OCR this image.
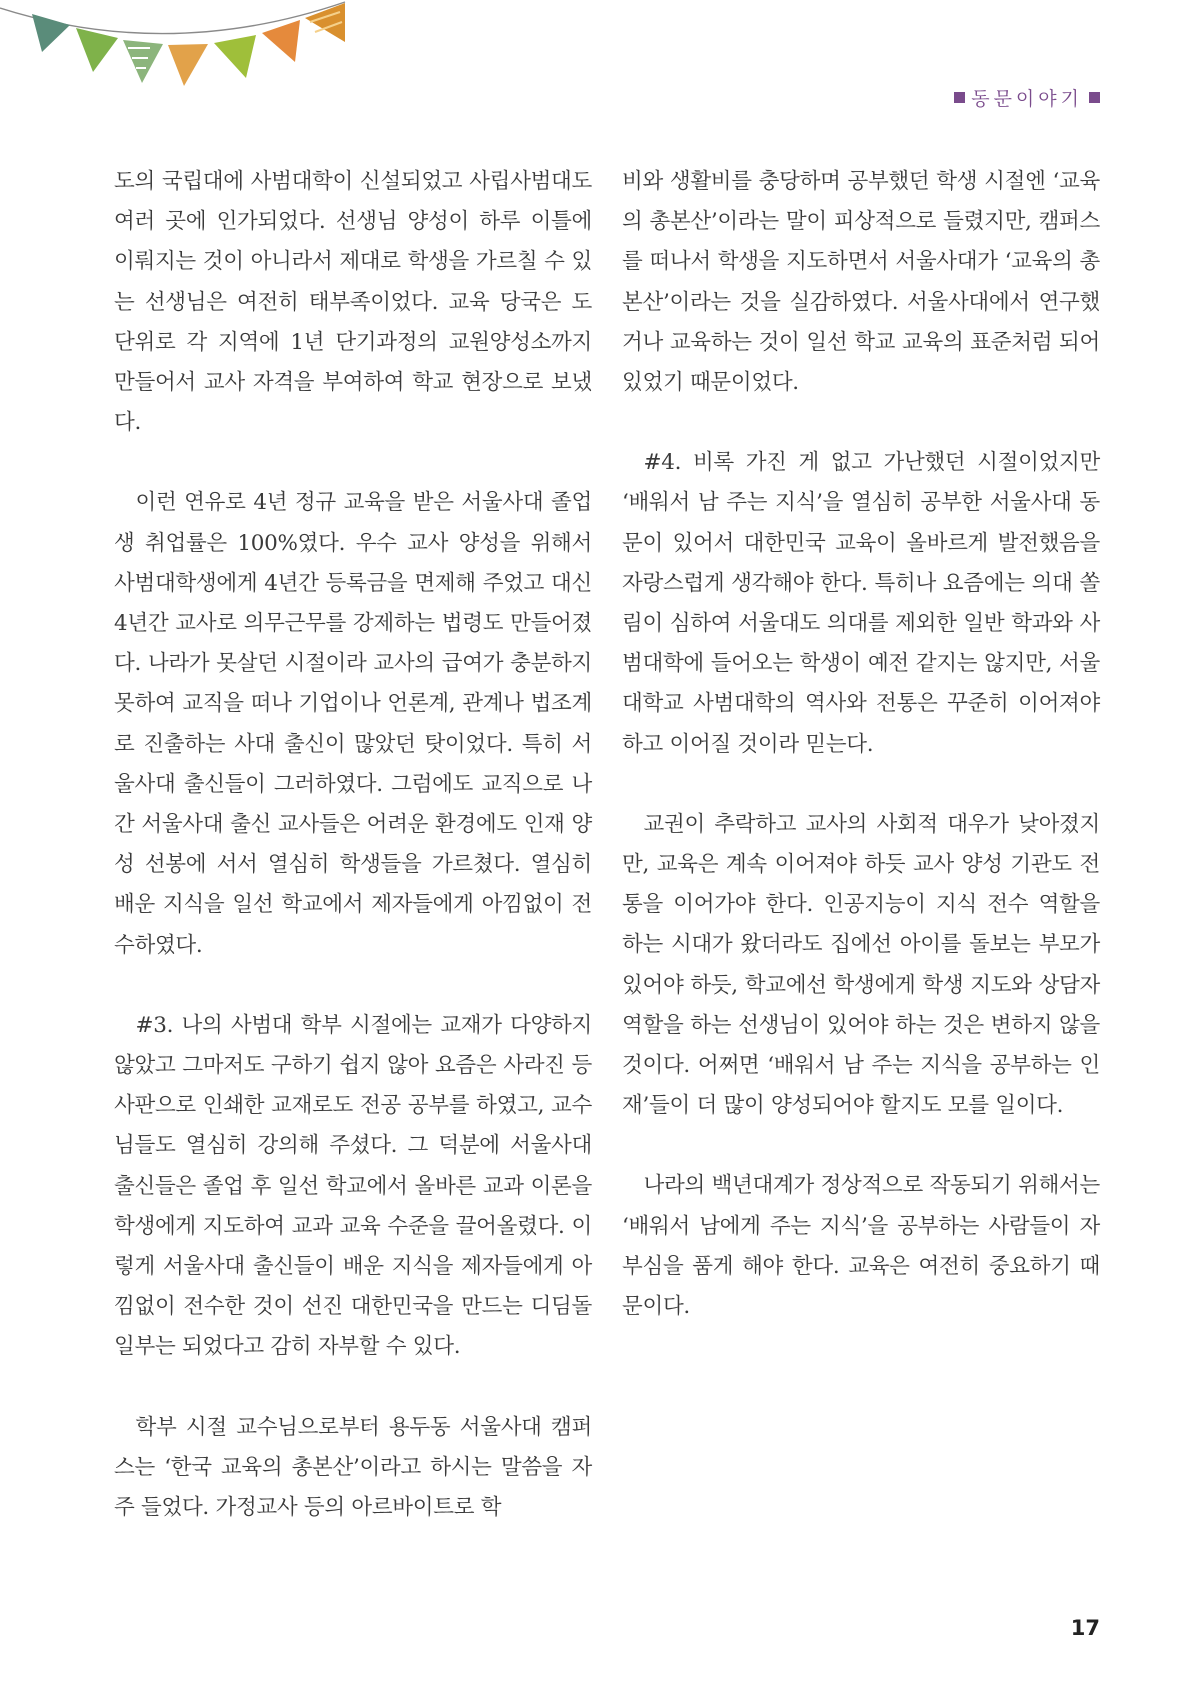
동문이야기

도의 국립대에 사범대학이 신설되었고 사립사범대도 여러 곳에 인가되었다. 선생님 양성이 하루 이틀에 이뤄지는 것이 아니라서 제대로 학생을 가르칠 수 있는 선생님은 여전히 태부족이었다. 교육 당국은 도 단위로 각 지역에 1년 단기과정의 교원양성소까지 만들어서 교사 자격을 부여하여 학교 현장으로 보냈다.

이런 연유로 4년 정규 교육을 받은 서울사대 졸업생 취업률은 100%였다. 우수 교사 양성을 위해서 사범대학생에게 4년간 등록금을 면제해 주었고 대신 4년간 교사로 의무근무를 강제하는 법령도 만들어졌다. 나라가 못살던 시절이라 교사의 급여가 충분하지 못하여 교직을 떠나 기업이나 언론계, 관계나 법조계로 진출하는 사대 출신이 많았던 탓이었다. 특히 서울사대 출신들이 그러하였다. 그럼에도 교직으로 나간 서울사대 출신 교사들은 어려운 환경에도 인재 양성 선봉에 서서 열심히 학생들을 가르쳤다. 열심히 배운 지식을 일선 학교에서 제자들에게 아낌없이 전수하였다.

#3. 나의 사범대 학부 시절에는 교재가 다양하지 않았고 그마저도 구하기 쉽지 않아 요즘은 사라진 등사판으로 인쇄한 교재로도 전공 공부를 하였고, 교수님들도 열심히 강의해 주셨다. 그 덕분에 서울사대 출신들은 졸업 후 일선 학교에서 올바른 교과 이론을 학생에게 지도하여 교과 교육 수준을 끌어올렸다. 이렇게 서울사대 출신들이 배운 지식을 제자들에게 아낌없이 전수한 것이 선진 대한민국을 만드는 디딤돌 일부는 되었다고 감히 자부할 수 있다.

학부 시절 교수님으로부터 용두동 서울사대 캠퍼스는 ‘한국 교육의 총본산’이라고 하시는 말씀을 자주 들었다. 가정교사 등의 아르바이트로 학

비와 생활비를 충당하며 공부했던 학생 시절엔 ‘교육의 총본산’이라는 말이 피상적으로 들렸지만, 캠퍼스를 떠나서 학생을 지도하면서 서울사대가 ‘교육의 총본산’이라는 것을 실감하였다. 서울사대에서 연구했거나 교육하는 것이 일선 학교 교육의 표준처럼 되어 있었기 때문이었다.

#4. 비록 가진 게 없고 가난했던 시절이었지만 ‘배워서 남 주는 지식’을 열심히 공부한 서울사대 동문이 있어서 대한민국 교육이 올바르게 발전했음을 자랑스럽게 생각해야 한다. 특히나 요즘에는 의대 쏠림이 심하여 서울대도 의대를 제외한 일반 학과와 사범대학에 들어오는 학생이 예전 같지는 않지만, 서울대학교 사범대학의 역사와 전통은 꾸준히 이어져야 하고 이어질 것이라 믿는다.

교권이 추락하고 교사의 사회적 대우가 낮아졌지만, 교육은 계속 이어져야 하듯 교사 양성 기관도 전통을 이어가야 한다. 인공지능이 지식 전수 역할을 하는 시대가 왔더라도 집에선 아이를 돌보는 부모가 있어야 하듯, 학교에선 학생에게 학생 지도와 상담자 역할을 하는 선생님이 있어야 하는 것은 변하지 않을 것이다. 어쩌면 ‘배워서 남 주는 지식을 공부하는 인재’들이 더 많이 양성되어야 할지도 모를 일이다.

나라의 백년대계가 정상적으로 작동되기 위해서는 ‘배워서 남에게 주는 지식’을 공부하는 사람들이 자부심을 품게 해야 한다. 교육은 여전히 중요하기 때문이다.

17
